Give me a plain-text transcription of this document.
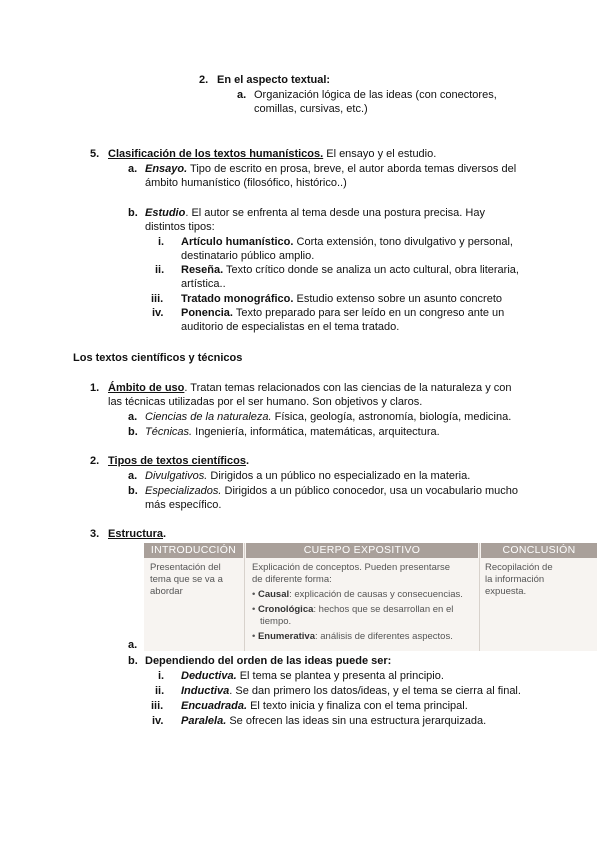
2. En el aspecto textual:
a. Organización lógica de las ideas (con conectores,
comillas, cursivas, etc.)
5. Clasificación de los textos humanísticos. El ensayo y el estudio.
a. Ensayo. Tipo de escrito en prosa, breve, el autor aborda temas diversos del
ámbito humanístico (filosófico, histórico..)
b. Estudio. El autor se enfrenta al tema desde una postura precisa. Hay
distintos tipos:
i. Artículo humanístico. Corta extensión, tono divulgativo y personal,
destinatario público amplio.
ii. Reseña. Texto crítico donde se analiza un acto cultural, obra literaria,
artística..
iii. Tratado monográfico. Estudio extenso sobre un asunto concreto
iv. Ponencia. Texto preparado para ser leído en un congreso ante un
auditorio de especialistas en el tema tratado.
Los textos científicos y técnicos
1. Ámbito de uso. Tratan temas relacionados con las ciencias de la naturaleza y con
las técnicas utilizadas por el ser humano. Son objetivos y claros.
a. Ciencias de la naturaleza. Física, geología, astronomía, biología, medicina.
b. Técnicas. Ingeniería, informática, matemáticas, arquitectura.
2. Tipos de textos científicos.
a. Divulgativos. Dirigidos a un público no especializado en la materia.
b. Especializados. Dirigidos a un público conocedor, usa un vocabulario mucho
más específico.
3. Estructura.
INTRODUCCIÓN	CUERPO EXPOSITIVO	CONCLUSIÓN
Presentación del
tema que se va a
abordar
Explicación de conceptos. Pueden presentarse
de diferente forma:
• Causal: explicación de causas y consecuencias.
• Cronológica: hechos que se desarrollan en el
tiempo.
• Enumerativa: análisis de diferentes aspectos.
Recopilación de
la información
expuesta.
a.
b. Dependiendo del orden de las ideas puede ser:
i. Deductiva. El tema se plantea y presenta al principio.
ii. Inductiva. Se dan primero los datos/ideas, y el tema se cierra al final.
iii. Encuadrada. El texto inicia y finaliza con el tema principal.
iv. Paralela. Se ofrecen las ideas sin una estructura jerarquizada.
